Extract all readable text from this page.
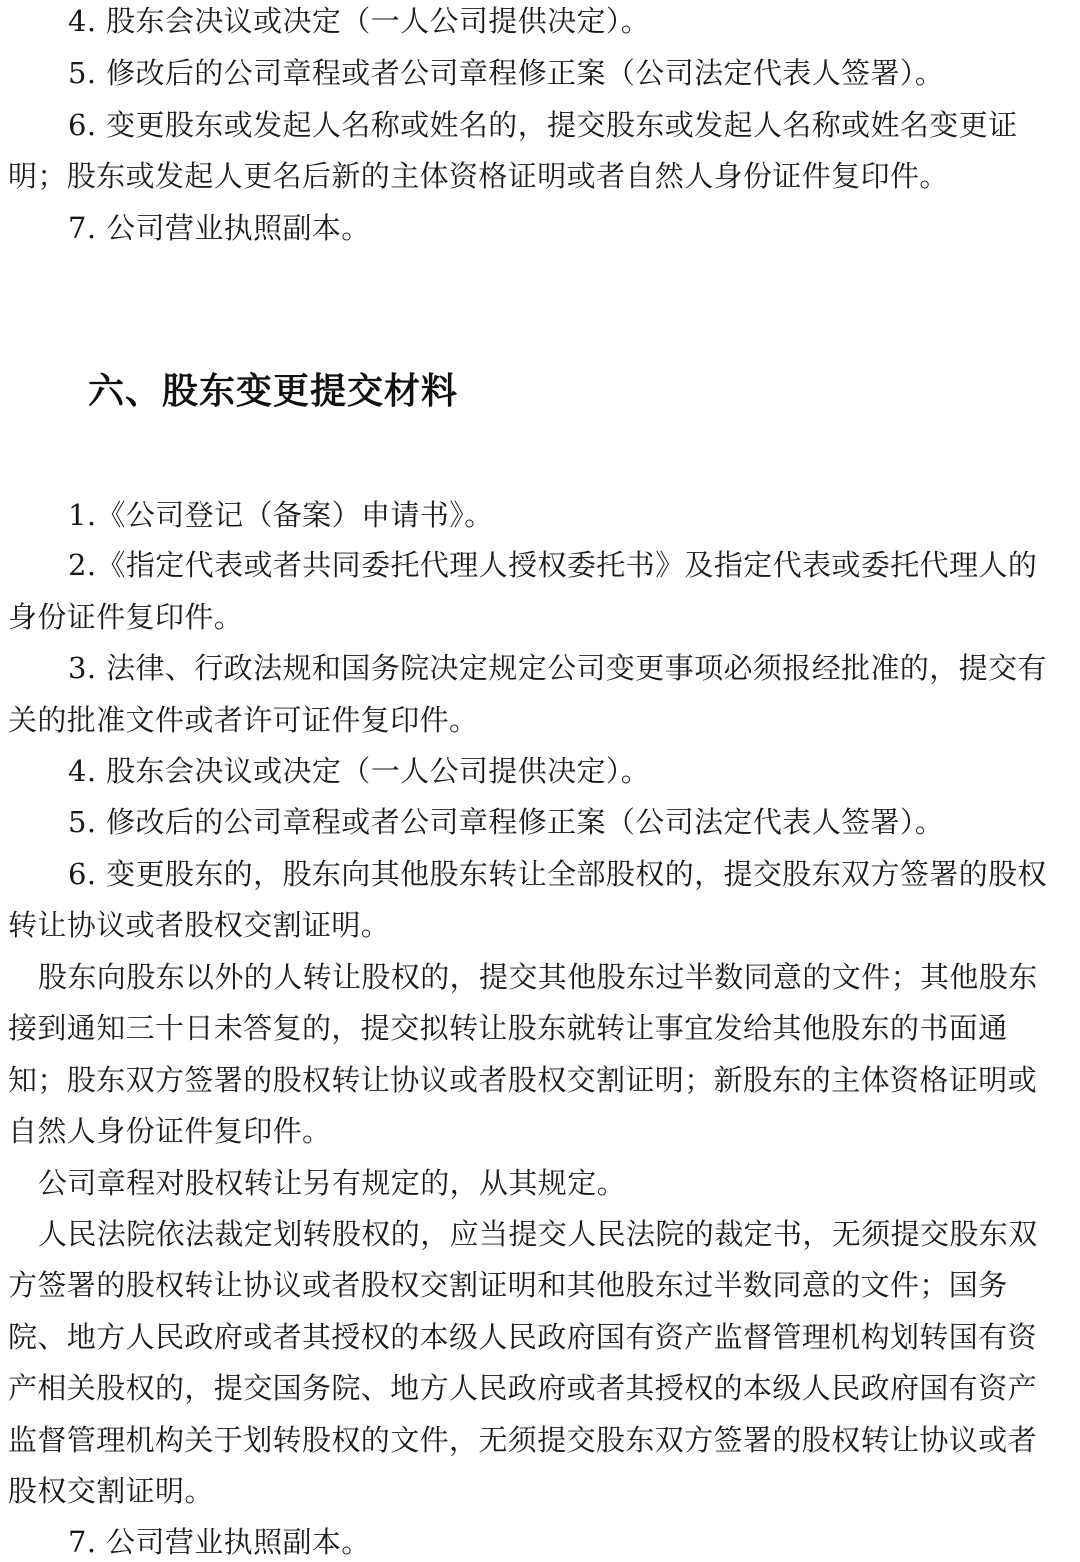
4. 股东会决议或决定（一人公司提供决定）。
5. 修改后的公司章程或者公司章程修正案（公司法定代表人签署）。
6. 变更股东或发起人名称或姓名的，提交股东或发起人名称或姓名变更证
明；股东或发起人更名后新的主体资格证明或者自然人身份证件复印件。
7. 公司营业执照副本。
六、股东变更提交材料
1.《公司登记（备案）申请书》。
2.《指定代表或者共同委托代理人授权委托书》及指定代表或委托代理人的
身份证件复印件。
3. 法律、行政法规和国务院决定规定公司变更事项必须报经批准的，提交有
关的批准文件或者许可证件复印件。
4. 股东会决议或决定（一人公司提供决定）。
5. 修改后的公司章程或者公司章程修正案（公司法定代表人签署）。
6. 变更股东的，股东向其他股东转让全部股权的，提交股东双方签署的股权
转让协议或者股权交割证明。
股东向股东以外的人转让股权的，提交其他股东过半数同意的文件；其他股东
接到通知三十日未答复的，提交拟转让股东就转让事宜发给其他股东的书面通
知；股东双方签署的股权转让协议或者股权交割证明；新股东的主体资格证明或
自然人身份证件复印件。
公司章程对股权转让另有规定的，从其规定。
人民法院依法裁定划转股权的，应当提交人民法院的裁定书，无须提交股东双
方签署的股权转让协议或者股权交割证明和其他股东过半数同意的文件；国务
院、地方人民政府或者其授权的本级人民政府国有资产监督管理机构划转国有资
产相关股权的，提交国务院、地方人民政府或者其授权的本级人民政府国有资产
监督管理机构关于划转股权的文件，无须提交股东双方签署的股权转让协议或者
股权交割证明。
7. 公司营业执照副本。
